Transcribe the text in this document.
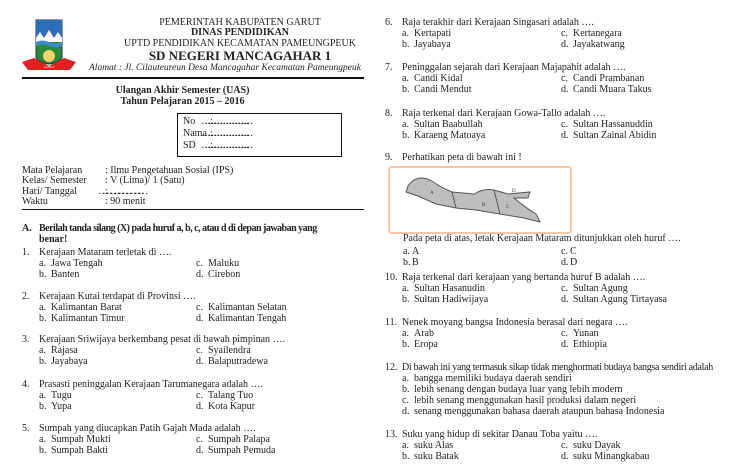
GARUT
PEMERINTAH KABUPATEN GARUT
DINAS PENDIDIKAN
UPTD PENDIDIKAN KECAMATAN PAMEUNGPEUK
SD NEGERI MANCAGAHAR 1
Alamat : Jl. Cilauteureun Desa Mancagahar Kecamatan Pameungpeuk
Ulangan Akhir Semester (UAS)
Tahun Pelajaran 2015 – 2016
No : ………………………………………..
Nama : ………………………………………..
SD : ………………………………………..
A. Berilah tanda silang (X) pada huruf a, b, c, atau d di depan jawaban yang
benar!
D
A
B	C
Pada peta di atas, letak Kerajaan Mataram ditunjukkan oleh huruf ….
Mata Pelajaran : Ilmu Pengetahuan Sosial (IPS)
Kelas/ Semester : V (Lima)/ 1 (Satu)
Hari/ Tanggal	: ……………………………
Waktu	: 90 menit
1. Kerajaan Mataram terletak di ….
a. Jawa Tengah
b. Banten
c. Maluku
d. Cirebon
2. Kerajaan Kutai terdapat di Provinsi ….
a. Kalimantan Barat
b. Kalimantan Timur
c. Kalimantan Selatan
d. Kalimantan Tengah
3. Kerajaan Sriwijaya berkembang pesat di bawah pimpinan ….
a. Rajasa
b. Jayabaya
c. Syailendra
d. Balaputradewa
4. Prasasti peninggalan Kerajaan Tarumanegara adalah ….
a. Tugu
b. Yupa
c. Talang Tuo
d. Kota Kapur
5. Sumpah yang diucapkan Patih Gajah Mada adalah ….
a. Sumpah Mukti
b. Sumpah Bakti
c. Sumpah Palapa
d. Sumpah Pemuda
6. Raja terakhir dari Kerajaan Singasari adalah ….
a. Kertapati
b. Jayabaya
c. Kertanegara
d. Jayakatwang
7. Peninggalan sejarah dari Kerajaan Majapahit adalah ….
a. Candi Kidal
b. Candi Mendut
c. Candi Prambanan
d. Candi Muara Takus
8. Raja terkenal dari Kerajaan Gowa-Tallo adalah ….
a. Sultan Baabullah
b. Karaeng Matoaya
c. Sultan Hassanuddin
d. Sultan Zainal Abidin
9. Perhatikan peta di bawah ini !
a. A
b. B
c. C
d. D
10. Raja terkenal dari kerajaan yang bertanda huruf B adalah ….
a. Sultan Hasanudin
b. Sultan Hadiwijaya
c. Sultan Agung
d. Sultan Agung Tirtayasa
11. Nenek moyang bangsa Indonesia berasal dari negara ….
a. Arab
b. Eropa
c. Yunan
d. Ethiopia
12. Di bawah ini yang termasuk sikap tidak menghormati budaya bangsa sendiri adalah
a. bangga memiliki budaya daerah sendiri
b. lebih senang dengan budaya luar yang lebih modern
c. lebih senang menggunakan hasil produksi dalam negeri
d. senang menggunakan bahasa daerah ataupun bahasa Indonesia
13. Suku yang hidup di sekitar Danau Toba yaitu ….
a. suku Alas
b. suku Batak
c. suku Dayak
d. suku Minangkabau
